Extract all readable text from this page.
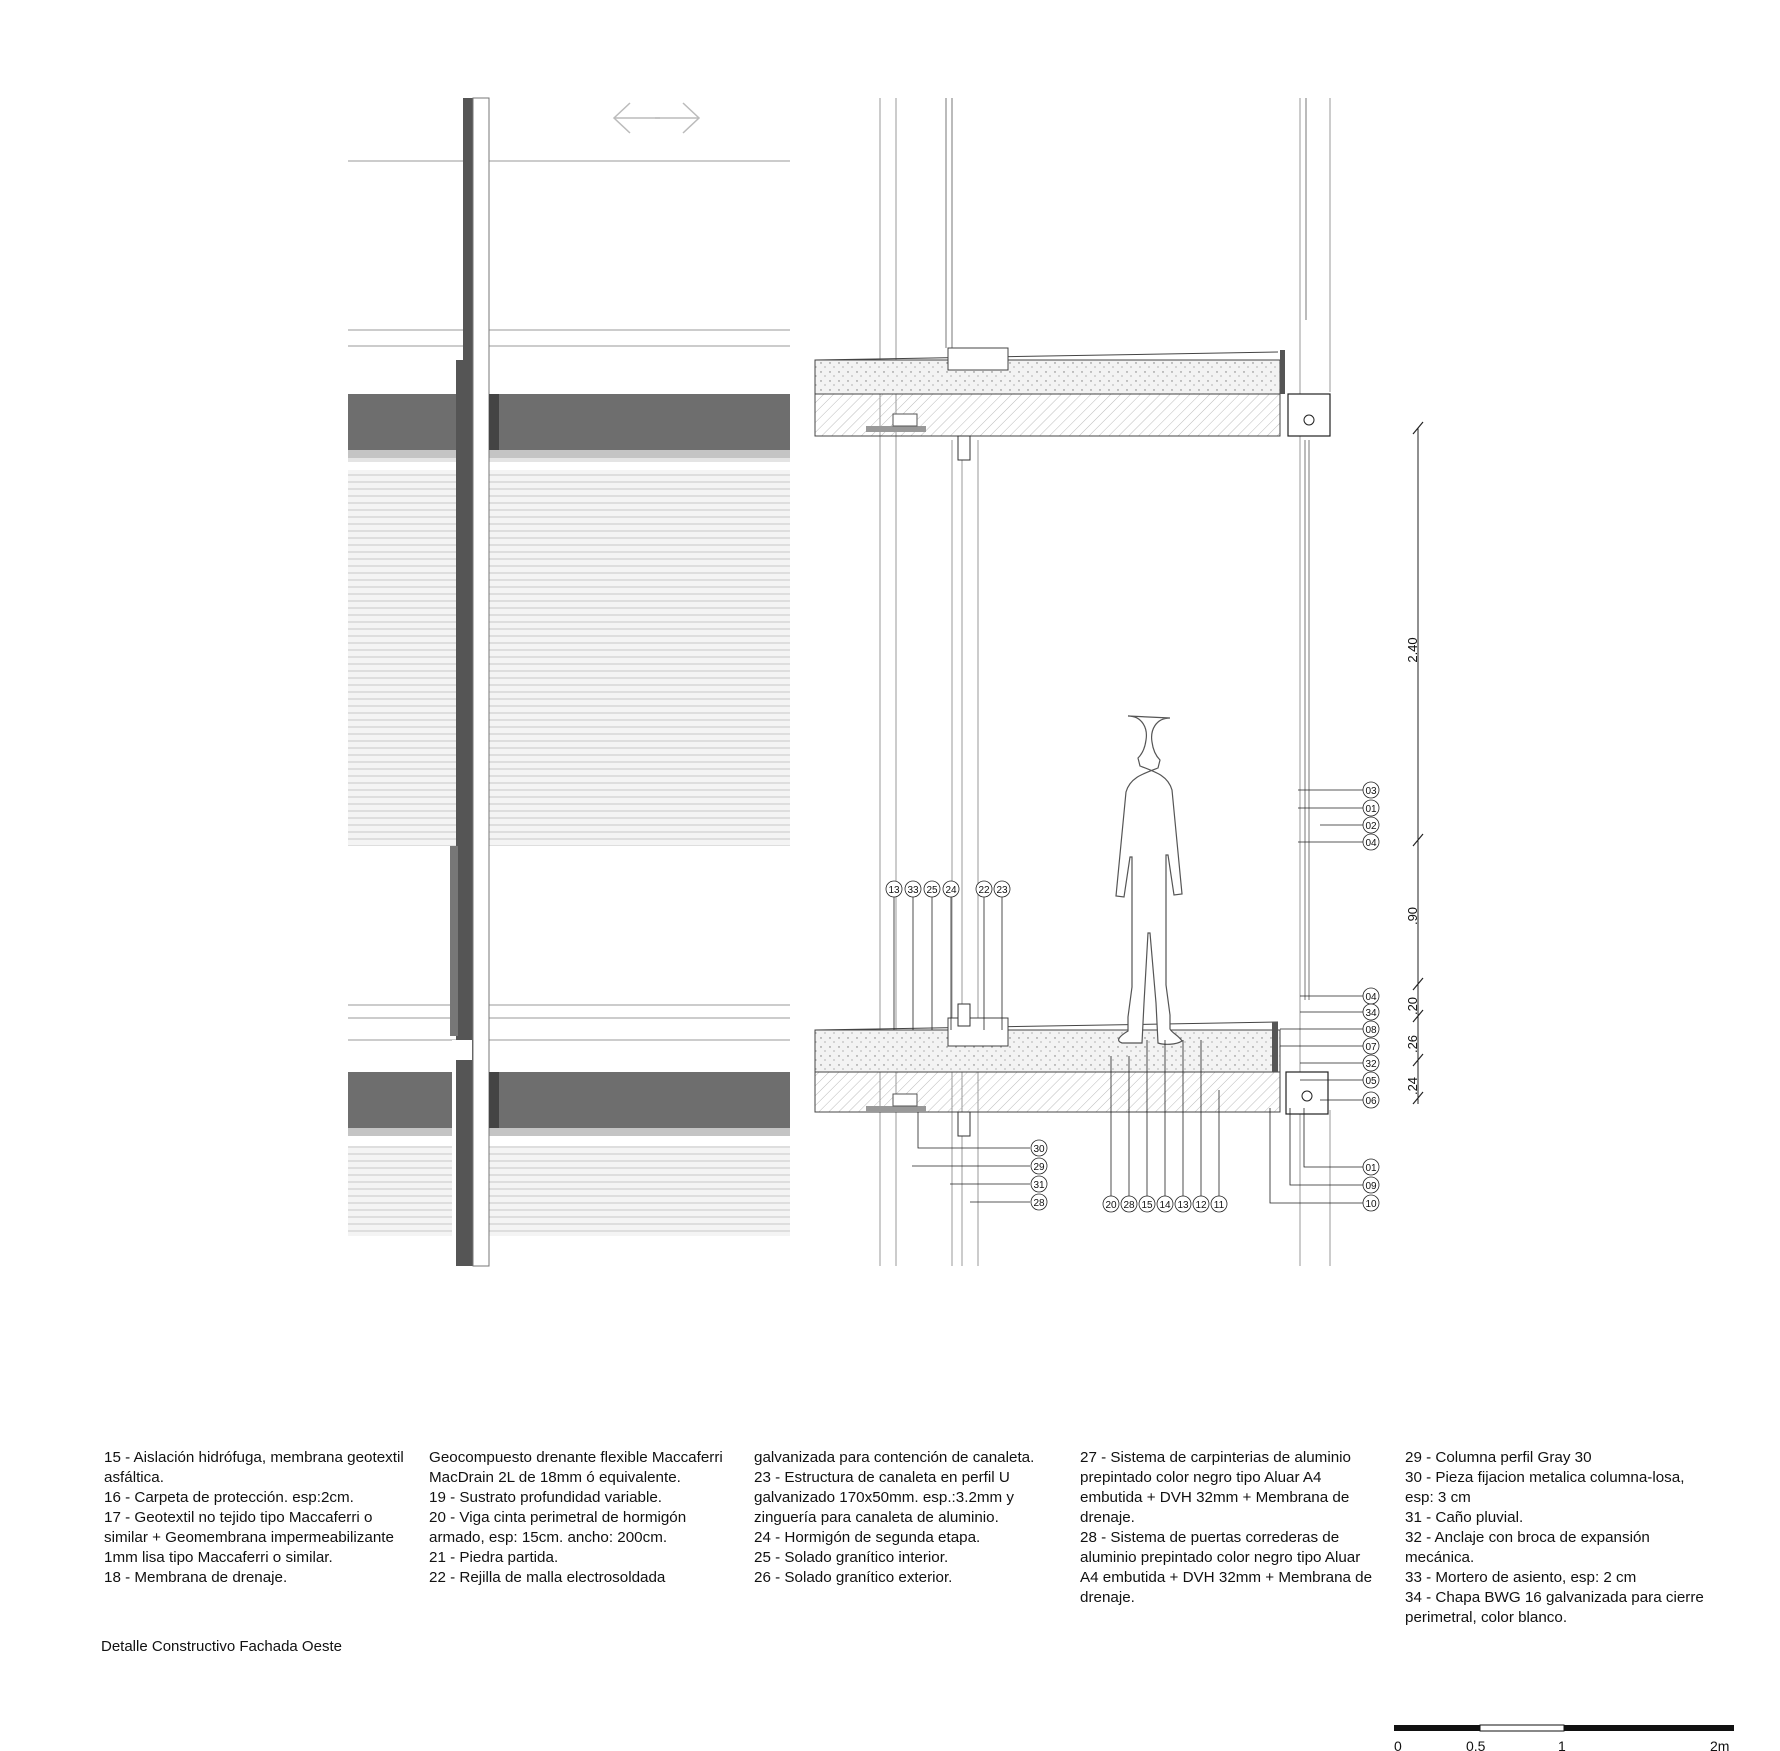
2.40
.90
.20
.26
.24
03
01
02
04
04
34
08
07
32
05
06
01
09
10
13 33 25 24 22 23
30
29
31
28	20 28 15 14 13 12 11
0	0.5	1	2m
15 - Aislación hidrófuga, membrana geotextil asfáltica.
16 - Carpeta de protección. esp:2cm.
17 - Geotextil no tejido tipo Maccaferri o similar + Geomembrana impermeabilizante 1mm lisa tipo Maccaferri o similar.
18 - Membrana de drenaje.
Geocompuesto drenante flexible Maccaferri MacDrain 2L de 18mm ó equivalente.
19 - Sustrato profundidad variable.
20 - Viga cinta perimetral de hormigón armado, esp: 15cm. ancho: 200cm.
21 - Piedra partida.
22 - Rejilla de malla electrosoldada
galvanizada para contención de canaleta.
23 - Estructura de canaleta en perfil U galvanizado 170x50mm. esp.:3.2mm y zinguería para canaleta de aluminio.
24 - Hormigón de segunda etapa.
25 - Solado granítico interior.
26 - Solado granítico exterior.
27 - Sistema de carpinterias de aluminio prepintado color negro tipo Aluar A4 embutida + DVH 32mm + Membrana de drenaje.
28 - Sistema de puertas correderas de aluminio prepintado color negro tipo Aluar A4 embutida + DVH 32mm + Membrana de drenaje.
29 - Columna perfil Gray 30
30 - Pieza fijacion metalica columna-losa, esp: 3 cm
31 - Caño pluvial.
32 - Anclaje con broca de expansión mecánica.
33 - Mortero de asiento, esp: 2 cm
34 - Chapa BWG 16 galvanizada para cierre perimetral, color blanco.
Detalle Constructivo Fachada Oeste
